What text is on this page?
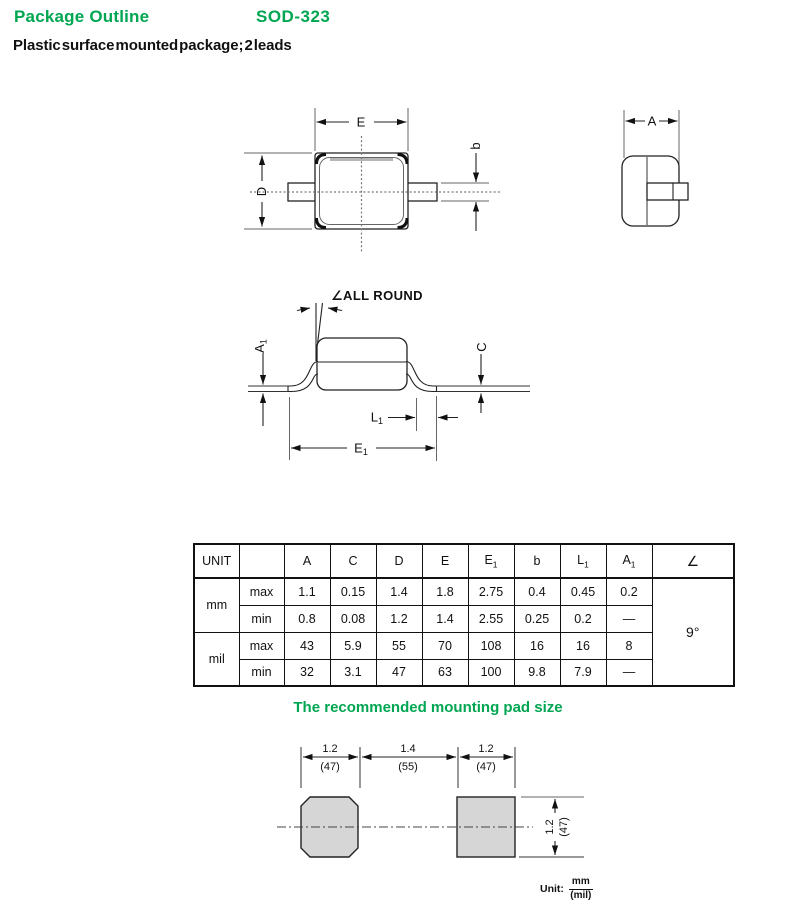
Package Outline	SOD-323
Plastic surface mounted package; 2 leads
E
D
b
A
∠ALL ROUND
A1
C
L1
E1
UNIT		A	C	D	E	$E_1$	b	$L_1$	$A_1$	∠
mm	max	1.1	0.15	1.4	1.8	2.75	0.4	0.45	0.2	9°
	min	0.8	0.08	1.2	1.4	2.55	0.25	0.2	—	
mil	max	43	5.9	55	70	108	16	16	8	
	min	32	3.1	47	63	100	9.8	7.9	—	
The recommended mounting pad size
1.2
(47)
1.4
(55)
1.2
(47)
1.2 (47)
Unit: $\frac{mm}{\text{(mil)}}$
